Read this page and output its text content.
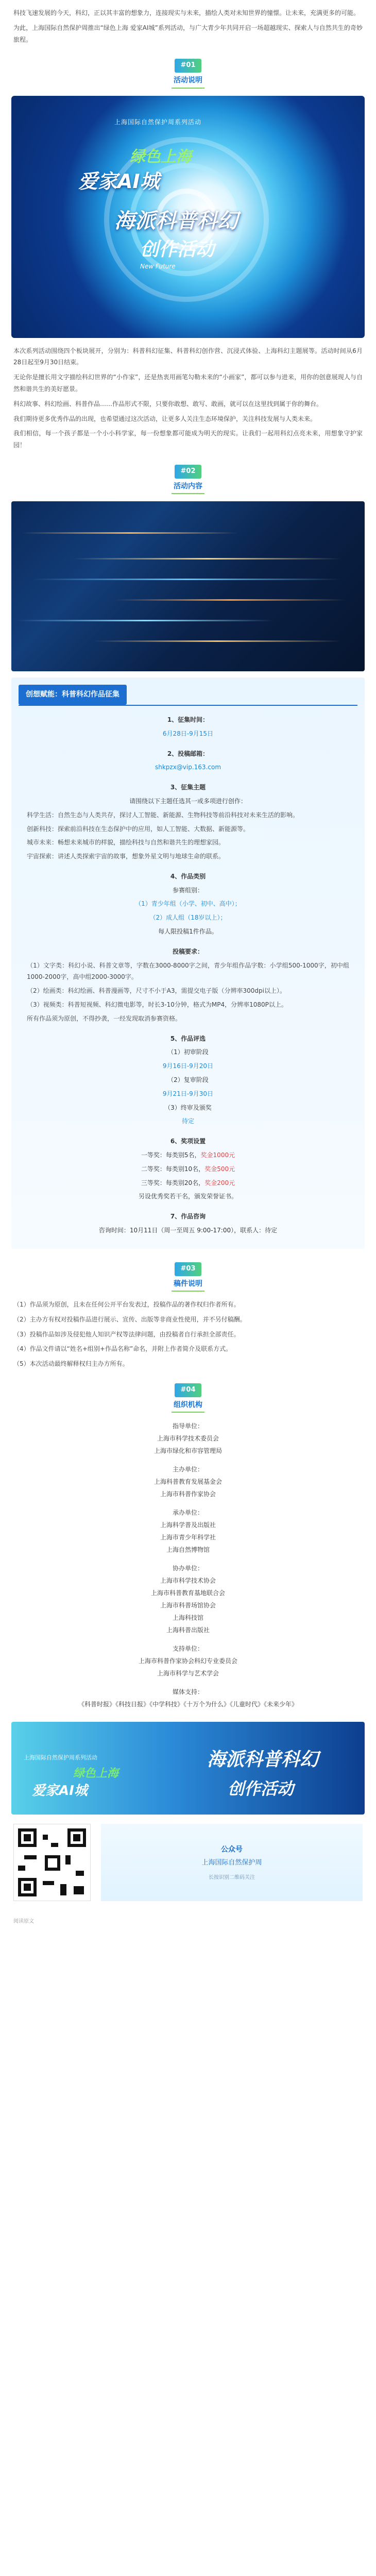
科技飞速发展的今天，科幻，正以其丰富的想象力，连接现实与未来，描绘人类对未知世界的憧憬。让未来，充满更多的可能。

为此，上海国际自然保护周推出“绿色上海 爱家AI城”系列活动，与广大青少年共同开启一场超越现实、探索人与自然共生的奇妙旅程。

#01
活动说明
上海国际自然保护周系列活动
绿色上海
爱家AI城
海派科普科幻
创作活动
New Future

本次系列活动围绕四个板块展开，分别为：科普科幻征集、科普科幻创作营、沉浸式体验、上海科幻主题展等。活动时间从6月28日起至9月30日结束。

无论你是擅长用文字描绘科幻世界的“小作家”，还是热衷用画笔勾勒未来的“小画家”，都可以参与进来，用你的创意展现人与自然和谐共生的美好愿景。

科幻故事、科幻绘画、科普作品……作品形式不限，只要你敢想、敢写、敢画，就可以在这里找到属于你的舞台。

我们期待更多优秀作品的出现，也希望通过这次活动，让更多人关注生态环境保护，关注科技发展与人类未来。

我们相信，每一个孩子都是一个小小科学家，每一份想象都可能成为明天的现实。让我们一起用科幻点亮未来，用想象守护家园！

#02
活动内容
创想赋能：科普科幻作品征集
1、征集时间：
6月28日-9月15日
2、投稿邮箱：
shkpzx@vip.163.com
3、征集主题
请围绕以下主题任选其一或多项进行创作：

科学生活：自然生态与人类共存，探讨人工智能、新能源、生物科技等前沿科技对未来生活的影响。

创新科技：探索前沿科技在生态保护中的应用，如人工智能、大数据、新能源等。

城市未来：畅想未来城市的样貌，描绘科技与自然和谐共生的理想家园。

宇宙探索：讲述人类探索宇宙的故事，想象外星文明与地球生命的联系。

4、作品类别
参赛组别：
（1）青少年组（小学、初中、高中）；
（2）成人组（18岁以上）；
每人限投稿1件作品。
投稿要求：

（1）文字类：科幻小说、科普文章等，字数在3000-8000字之间，青少年组作品字数：小学组500-1000字，初中组1000-2000字，高中组2000-3000字。

（2）绘画类：科幻绘画、科普漫画等，尺寸不小于A3，需提交电子版（分辨率300dpi以上）。

（3）视频类：科普短视频、科幻微电影等，时长3-10分钟，格式为MP4，分辨率1080P以上。

所有作品须为原创，不得抄袭，一经发现取消参赛资格。

5、作品评选
（1）初审阶段
9月16日-9月20日
（2）复审阶段
9月21日-9月30日
（3）终审及颁奖
待定
6、奖项设置
一等奖：每类别5名，奖金1000元
二等奖：每类别10名，奖金500元
三等奖：每类别20名，奖金200元
另设优秀奖若干名，颁发荣誉证书。
7、作品咨询
咨询时间：10月11日（周一至周五 9:00-17:00），联系人：待定
#03
稿件说明

（1）作品须为原创，且未在任何公开平台发表过，投稿作品的著作权归作者所有。

（2）主办方有权对投稿作品进行展示、宣传、出版等非商业性使用，并不另付稿酬。

（3）投稿作品如涉及侵犯他人知识产权等法律问题，由投稿者自行承担全部责任。

（4）作品文件请以“姓名+组别+作品名称”命名，并附上作者简介及联系方式。

（5）本次活动最终解释权归主办方所有。

#04
组织机构
指导单位：
上海市科学技术委员会
上海市绿化和市容管理局
主办单位：
上海科普教育发展基金会
上海市科普作家协会
承办单位：
上海科学普及出版社
上海市青少年科学社
上海自然博物馆
协办单位：
上海市科学技术协会
上海市科普教育基地联合会
上海市科普场馆协会
上海科技馆
上海科普出版社
支持单位：
上海市科普作家协会科幻专业委员会
上海市科学与艺术学会
媒体支持：
《科普时报》《科技日报》《中学科技》《十万个为什么》《儿童时代》《未来少年》
上海国际自然保护周系列活动
绿色上海
爱家AI城
海派科普科幻
创作活动
公众号
上海国际自然保护周
长按识别二维码关注
阅读原文
